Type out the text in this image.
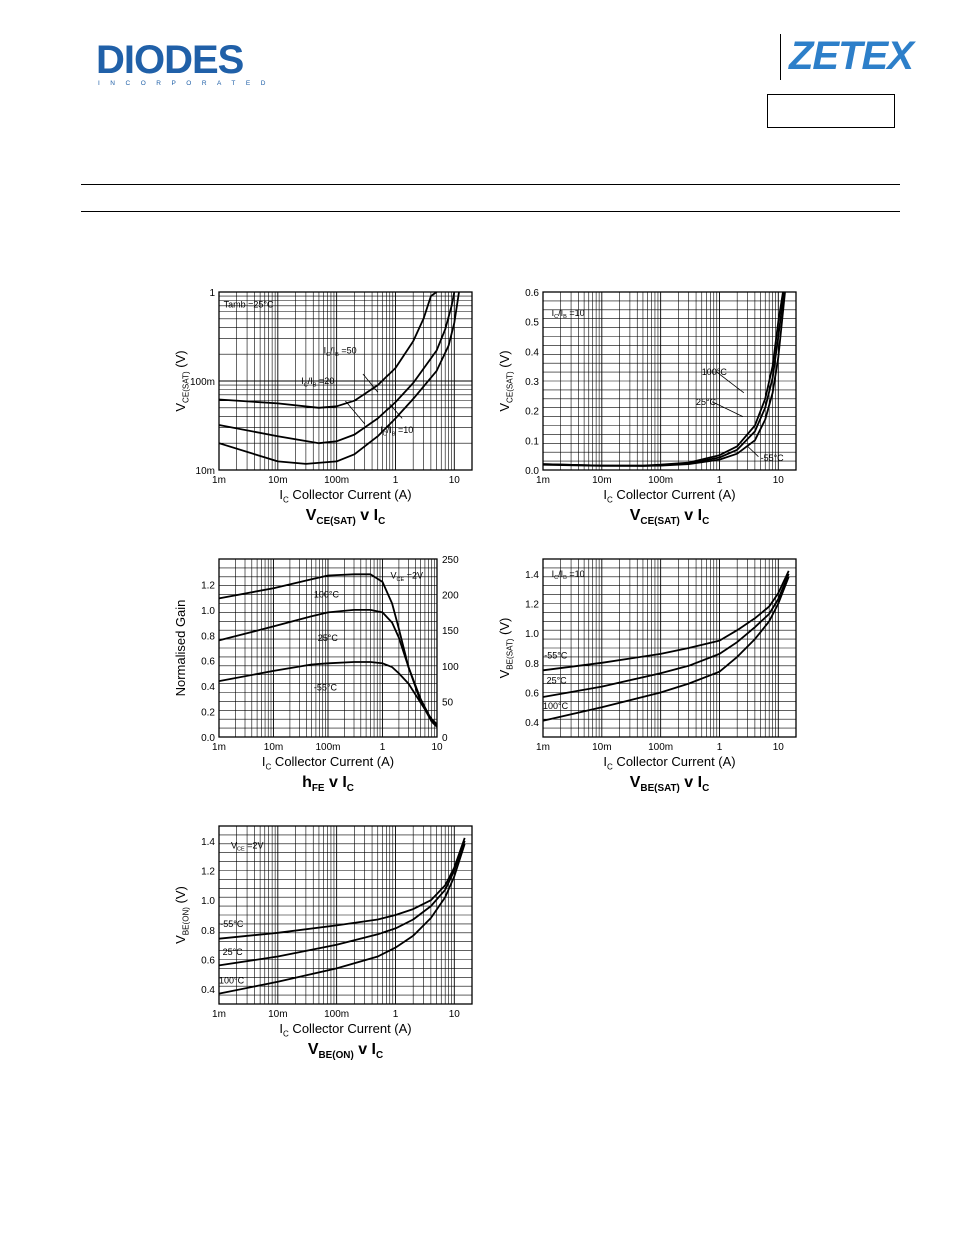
DIODES
INCORPORATED
ZETEX
1m	10m	100m	1	10
10m
100m
1
Tamb =25°C
$I_C/I_B =50$
$I_C/I_B =20$
$I_C/I_B =10$
$I_C$ Collector Current (A)
$V_{CE(SAT)}$ (V)
$V_{CE(SAT)}$ v $I_C$
1m	10m	100m	1	10
0.0
0.1
0.2
0.3
0.4
0.5
0.6
$I_C/I_B =10$
100°C
25°C
-55°C
$I_C$ Collector Current (A)
$V_{CE(SAT)}$ (V)
$V_{CE(SAT)}$ v $I_C$
1m	10m	100m	1	10
0.0
0.2
0.4
0.6
0.8
1.0
1.2
0
50
100
150
200
250
$V_{CE} =2V$
100°C
25°C
-55°C
$I_C$ Collector Current (A)
Normalised Gain
$h_{FE}$ v $I_C$
1m	10m	100m	1	10
0.4
0.6
0.8
1.0
1.2
1.4 $I_C/I_B =10$
-55°C
25°C
100°C
$I_C$ Collector Current (A)
$V_{BE(SAT)}$ (V)
$V_{BE(SAT)}$ v $I_C$
1m	10m	100m	1	10
0.4
0.6
0.8
1.0
1.2
1.4 $V_{CE} =2V$
-55°C
25°C
100°C
$I_C$ Collector Current (A)
$V_{BE(ON)}$ (V)
$V_{BE(ON)}$ v $I_C$
